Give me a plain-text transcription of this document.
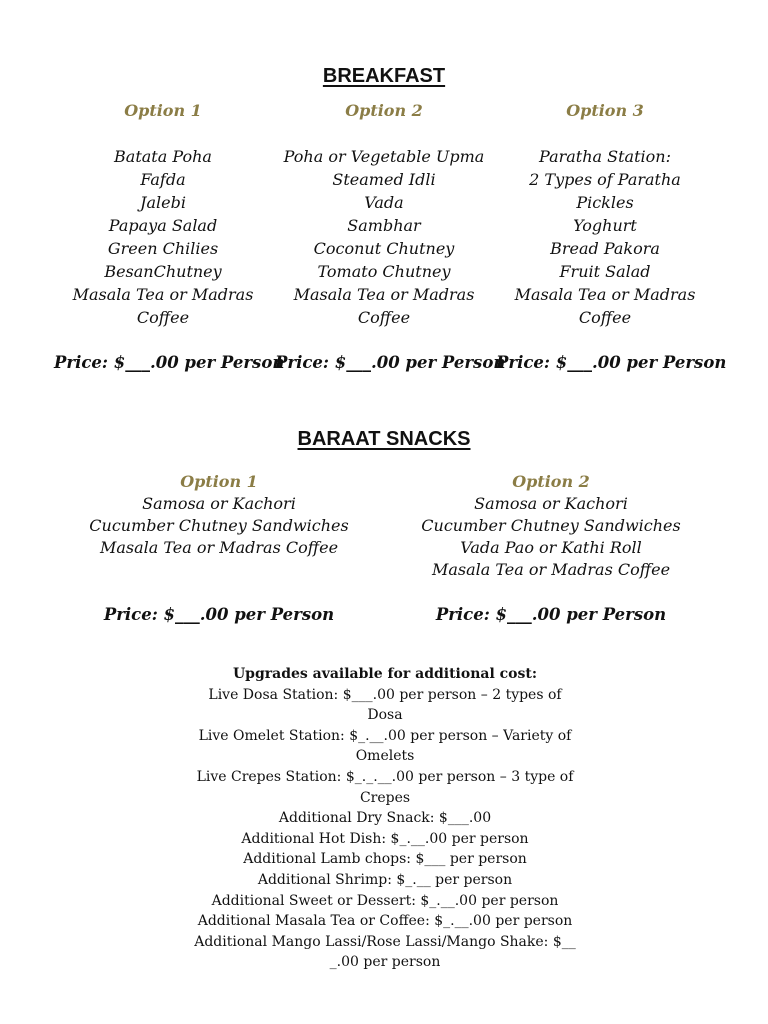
BREAKFAST
Option 1
Batata Poha
Fafda
Jalebi
Papaya Salad
Green Chilies
BesanChutney
Masala Tea or Madras
Coffee
Option 2
Poha or Vegetable Upma
Steamed Idli
Vada
Sambhar
Coconut Chutney
Tomato Chutney
Masala Tea or Madras
Coffee
Option 3
Paratha Station:
2 Types of Paratha
Pickles
Yoghurt
Bread Pakora
Fruit Salad
Masala Tea or Madras
Coffee
Price: $___.00 per Person
Price: $___.00 per Person
Price: $___.00 per Person
BARAAT SNACKS
Option 1
Samosa or Kachori
Cucumber Chutney Sandwiches
Masala Tea or Madras Coffee
Option 2
Samosa or Kachori
Cucumber Chutney Sandwiches
Vada Pao or Kathi Roll
Masala Tea or Madras Coffee
Price: $___.00 per Person	Price: $___.00 per Person
Upgrades available for additional cost:
Live Dosa Station: $___.00 per person – 2 types of
Dosa
Live Omelet Station: $_.__.00 per person – Variety of
Omelets
Live Crepes Station: $_._.__.00 per person – 3 type of
Crepes
Additional Dry Snack: $___.00
Additional Hot Dish: $_.__.00 per person
Additional Lamb chops: $___ per person
Additional Shrimp: $_.__ per person
Additional Sweet or Dessert: $_.__.00 per person
Additional Masala Tea or Coffee: $_.__.00 per person
Additional Mango Lassi/Rose Lassi/Mango Shake: $__
_.00 per person
